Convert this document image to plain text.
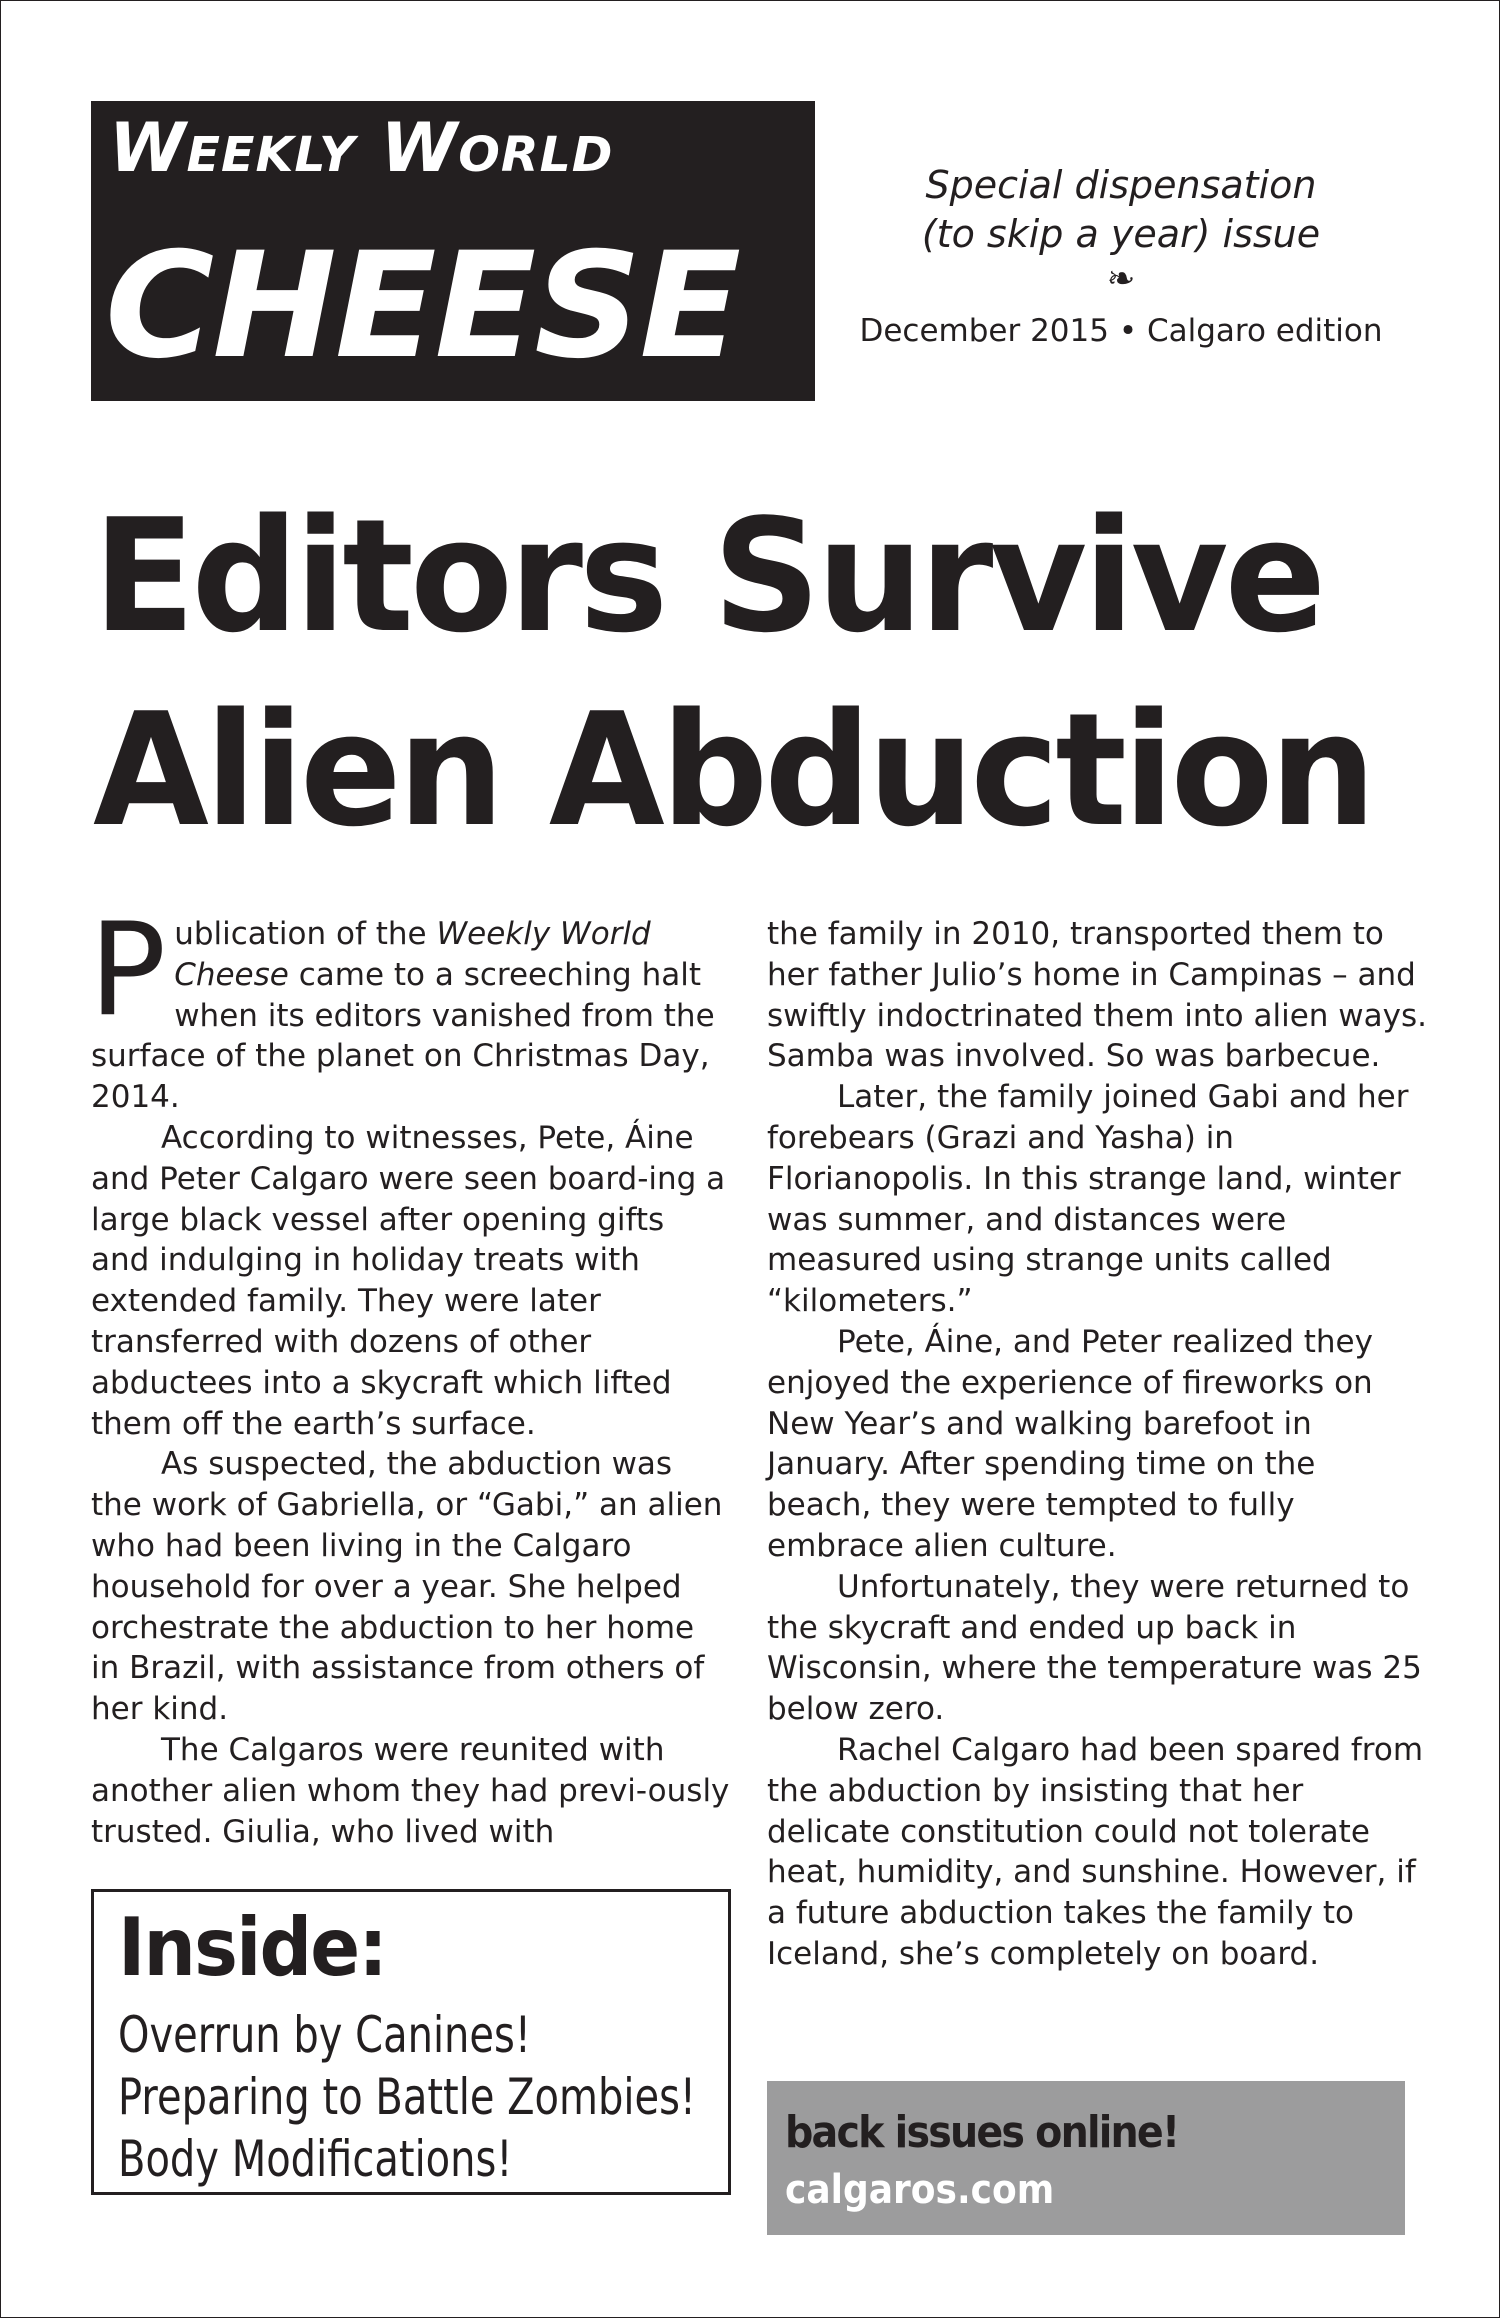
WEEKLY WORLD
CHEESE
Special dispensation
(to skip a year) issue
❧
December 2015 • Calgaro edition
Editors Survive
Alien Abduction

Publication of the Weekly World Cheese came to a screeching halt when its editors vanished from the surface of the planet on Christmas Day, 2014.

According to witnesses, Pete, Áine and Peter Calgaro were seen board‐ing a large black vessel after opening gifts and indulging in holiday treats with extended family. They were later transferred with dozens of other abductees into a skycraft which lifted them off the earth’s surface.

As suspected, the abduction was the work of Gabriella, or “Gabi,” an alien who had been living in the Calgaro household for over a year. She helped orchestrate the abduction to her home in Brazil, with assistance from others of her kind.

The Calgaros were reunited with another alien whom they had previ‐ously trusted. Giulia, who lived with

the family in 2010, transported them to her father Julio’s home in Campinas – and swiftly indoctrinated them into alien ways. Samba was involved. So was barbecue.

Later, the family joined Gabi and her forebears (Grazi and Yasha) in Florianopolis. In this strange land, winter was summer, and distances were measured using strange units called “kilometers.”

Pete, Áine, and Peter realized they enjoyed the experience of fireworks on New Year’s and walking barefoot in January. After spending time on the beach, they were tempted to fully embrace alien culture.

Unfortunately, they were returned to the skycraft and ended up back in Wisconsin, where the temperature was 25 below zero.

Rachel Calgaro had been spared from the abduction by insisting that her delicate constitution could not tolerate heat, humidity, and sunshine. However, if a future abduction takes the family to Iceland, she’s completely on board.

Inside:
Overrun by Canines!
Preparing to Battle Zombies!
Body Modifications!	back issues online!
calgaros.com
